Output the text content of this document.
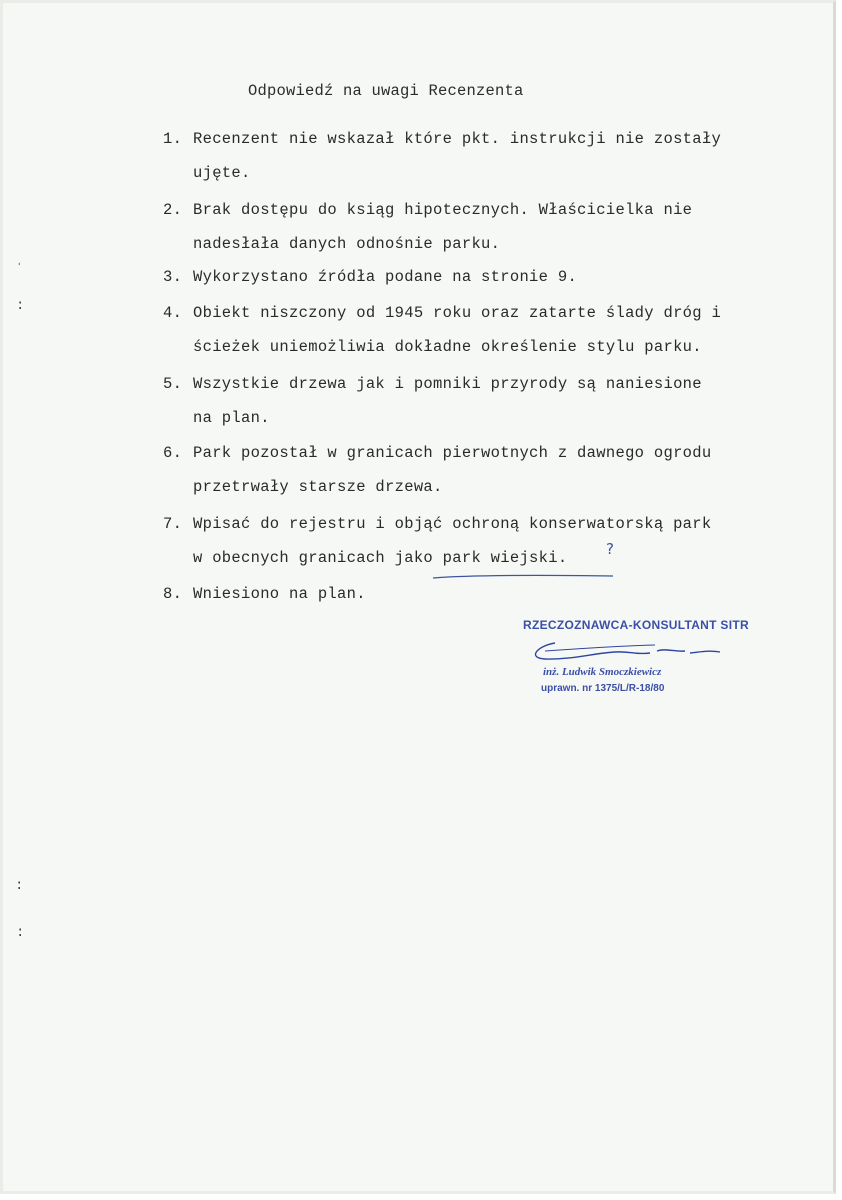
Odpowiedź na uwagi Recenzenta
1. Recenzent nie wskazał które pkt. instrukcji nie zostały
ujęte.
2. Brak dostępu do ksiąg hipotecznych. Właścicielka nie
nadesłała danych odnośnie parku.
3. Wykorzystano źródła podane na stronie 9.
4. Obiekt niszczony od 1945 roku oraz zatarte ślady dróg i
ścieżek uniemożliwia dokładne określenie stylu parku.
5. Wszystkie drzewa jak i pomniki przyrody są naniesione
na plan.
6. Park pozostał w granicach pierwotnych z dawnego ogrodu
przetrwały starsze drzewa.
7. Wpisać do rejestru i objąć ochroną konserwatorską park
w obecnych granicach jako park wiejski.
8. Wniesiono na plan.
?
ˌ
:
:
:
RZECZOZNAWCA-KONSULTANT SITR
inż. Ludwik Smoczkiewicz
uprawn. nr 1375/L/R-18/80
